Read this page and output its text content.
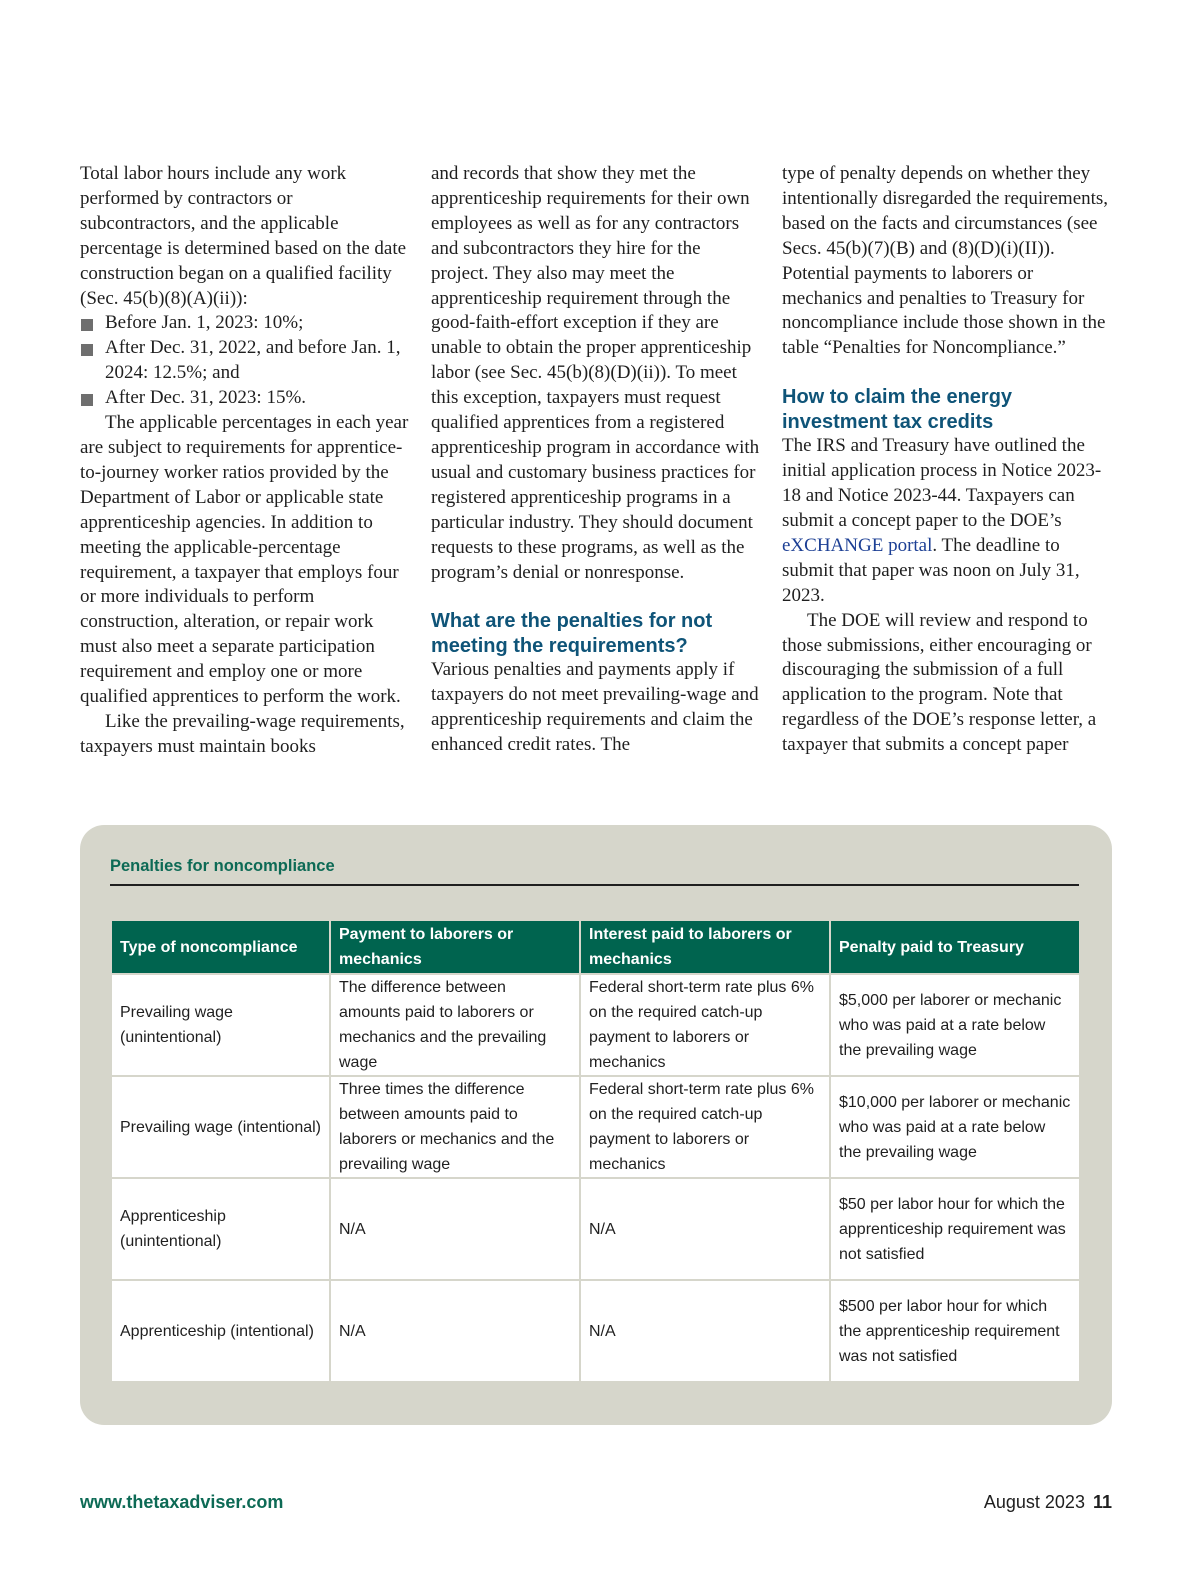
Total labor hours include any work performed by contractors or subcontractors, and the applicable percentage is determined based on the date construction began on a qualified facility (Sec. 45(b)(8)(A)(ii)):

Before Jan. 1, 2023: 10%;
After Dec. 31, 2022, and before Jan. 1, 2024: 12.5%; and
After Dec. 31, 2023: 15%.

The applicable percentages in each year are subject to requirements for apprentice-to-journey worker ratios provided by the Department of Labor or applicable state apprenticeship agencies. In addition to meeting the applicable-percentage requirement, a taxpayer that employs four or more individuals to perform construction, alteration, or repair work must also meet a separate participation requirement and employ one or more qualified apprentices to perform the work.

Like the prevailing-wage requirements, taxpayers must maintain books

and records that show they met the apprenticeship requirements for their own employees as well as for any contractors and subcontractors they hire for the project. They also may meet the apprenticeship requirement through the good-faith-effort exception if they are unable to obtain the proper apprenticeship labor (see Sec. 45(b)(8)(D)(ii)). To meet this exception, taxpayers must request qualified apprentices from a registered apprenticeship program in accordance with usual and customary business practices for registered apprenticeship programs in a particular industry. They should document requests to these programs, as well as the program’s denial or nonresponse.

What are the penalties for not meeting the requirements?

Various penalties and payments apply if taxpayers do not meet prevailing-wage and apprenticeship requirements and claim the enhanced credit rates. The

type of penalty depends on whether they intentionally disregarded the requirements, based on the facts and circumstances (see Secs. 45(b)(7)(B) and (8)(D)(i)(II)). Potential payments to laborers or mechanics and penalties to Treasury for noncompliance include those shown in the table “Penalties for Noncompliance.”

How to claim the energy investment tax credits

The IRS and Treasury have outlined the initial application process in Notice 2023-18 and Notice 2023-44. Taxpayers can submit a concept paper to the DOE’s eXCHANGE portal. The deadline to submit that paper was noon on July 31, 2023.

The DOE will review and respond to those submissions, either encouraging or discouraging the submission of a full application to the program. Note that regardless of the DOE’s response letter, a taxpayer that submits a concept paper

Penalties for noncompliance
Type of noncompliance	Payment to laborers or mechanics	Interest paid to laborers or mechanics	Penalty paid to Treasury
Prevailing wage (unintentional)	The difference between amounts paid to laborers or mechanics and the prevailing wage	Federal short-term rate plus 6% on the required catch-up payment to laborers or mechanics	$5,000 per laborer or mechanic who was paid at a rate below the prevailing wage
Prevailing wage (intentional)	Three times the difference between amounts paid to laborers or mechanics and the prevailing wage	Federal short-term rate plus 6% on the required catch-up payment to laborers or mechanics	$10,000 per laborer or mechanic who was paid at a rate below the prevailing wage
Apprenticeship (unintentional)	N/A	N/A	$50 per labor hour for which the apprenticeship requirement was not satisfied
Apprenticeship (intentional)	N/A	N/A	$500 per labor hour for which the apprenticeship requirement was not satisfied
www.thetaxadviser.com	August 2023 11
